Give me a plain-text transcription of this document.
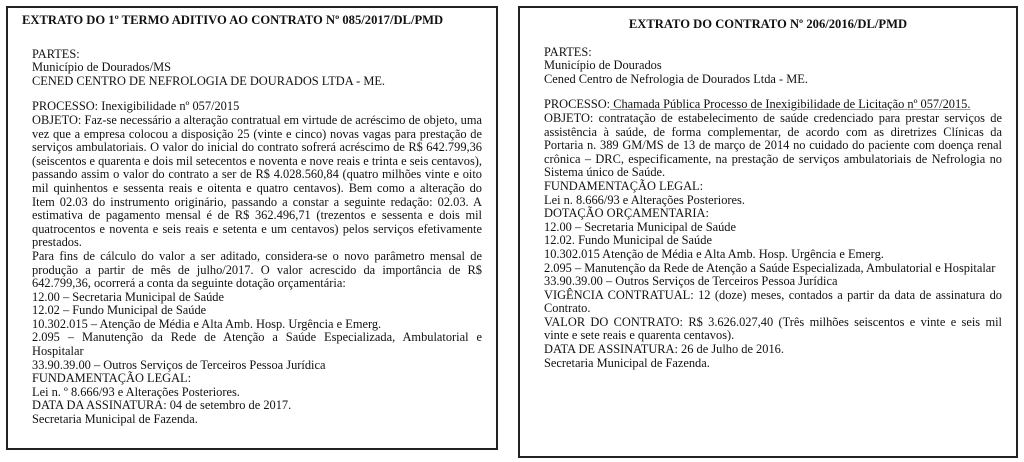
EXTRATO DO 1º TERMO ADITIVO AO CONTRATO Nº 085/2017/DL/PMD

PARTES:

Município de Dourados/MS

CENED CENTRO DE NEFROLOGIA DE DOURADOS LTDA - ME.

PROCESSO: Inexigibilidade nº 057/2015

OBJETO: Faz-se necessário a alteração contratual em virtude de acréscimo de objeto, uma vez que a empresa colocou a disposição 25 (vinte e cinco) novas vagas para prestação de serviços ambulatoriais. O valor do inicial do contrato sofrerá acréscimo de R$ 642.799,36 (seiscentos e quarenta e dois mil setecentos e noventa e nove reais e trinta e seis centavos), passando assim o valor do contrato a ser de R$ 4.028.560,84 (quatro milhões vinte e oito mil quinhentos e sessenta reais e oitenta e quatro centavos). Bem como a alteração do Item 02.03 do instrumento originário, passando a constar a seguinte redação: 02.03. A estimativa de pagamento mensal é de R$ 362.496,71 (trezentos e sessenta e dois mil quatrocentos e noventa e seis reais e setenta e um centavos) pelos serviços efetivamente prestados.

Para fins de cálculo do valor a ser aditado, considera-se o novo parâmetro mensal de produção a partir de mês de julho/2017. O valor acrescido da importância de R$ 642.799,36, ocorrerá a conta da seguinte dotação orçamentária:

12.00 – Secretaria Municipal de Saúde

12.02 – Fundo Municipal de Saúde

10.302.015 – Atenção de Média e Alta Amb. Hosp. Urgência e Emerg.

2.095 – Manutenção da Rede de Atenção a Saúde Especializada, Ambulatorial e Hospitalar

33.90.39.00 – Outros Serviços de Terceiros Pessoa Jurídica

FUNDAMENTAÇÃO LEGAL:

Lei n. º 8.666/93 e Alterações Posteriores.

DATA DA ASSINATURA: 04 de setembro de 2017.

Secretaria Municipal de Fazenda.

EXTRATO DO CONTRATO Nº 206/2016/DL/PMD

PARTES:

Município de Dourados

Cened Centro de Nefrologia de Dourados Ltda - ME.

PROCESSO: Chamada Pública Processo de Inexigibilidade de Licitação nº 057/2015.

OBJETO: contratação de estabelecimento de saúde credenciado para prestar serviços de assistência à saúde, de forma complementar, de acordo com as diretrizes Clínicas da Portaria n. 389 GM/MS de 13 de março de 2014 no cuidado do paciente com doença renal crônica – DRC, especificamente, na prestação de serviços ambulatoriais de Nefrologia no Sistema único de Saúde.

FUNDAMENTAÇÃO LEGAL:

Lei n. 8.666/93 e Alterações Posteriores.

DOTAÇÃO ORÇAMENTARIA:

12.00 – Secretaria Municipal de Saúde

12.02. Fundo Municipal de Saúde

10.302.015 Atenção de Média e Alta Amb. Hosp. Urgência e Emerg.

2.095 – Manutenção da Rede de Atenção a Saúde Especializada, Ambulatorial e Hospitalar

33.90.39.00 – Outros Serviços de Terceiros Pessoa Jurídica

VIGÊNCIA CONTRATUAL: 12 (doze) meses, contados a partir da data de assinatura do Contrato.

VALOR DO CONTRATO: R$ 3.626.027,40 (Três milhões seiscentos e vinte e seis mil vinte e sete reais e quarenta centavos).

DATA DE ASSINATURA: 26 de Julho de 2016.

Secretaria Municipal de Fazenda.
